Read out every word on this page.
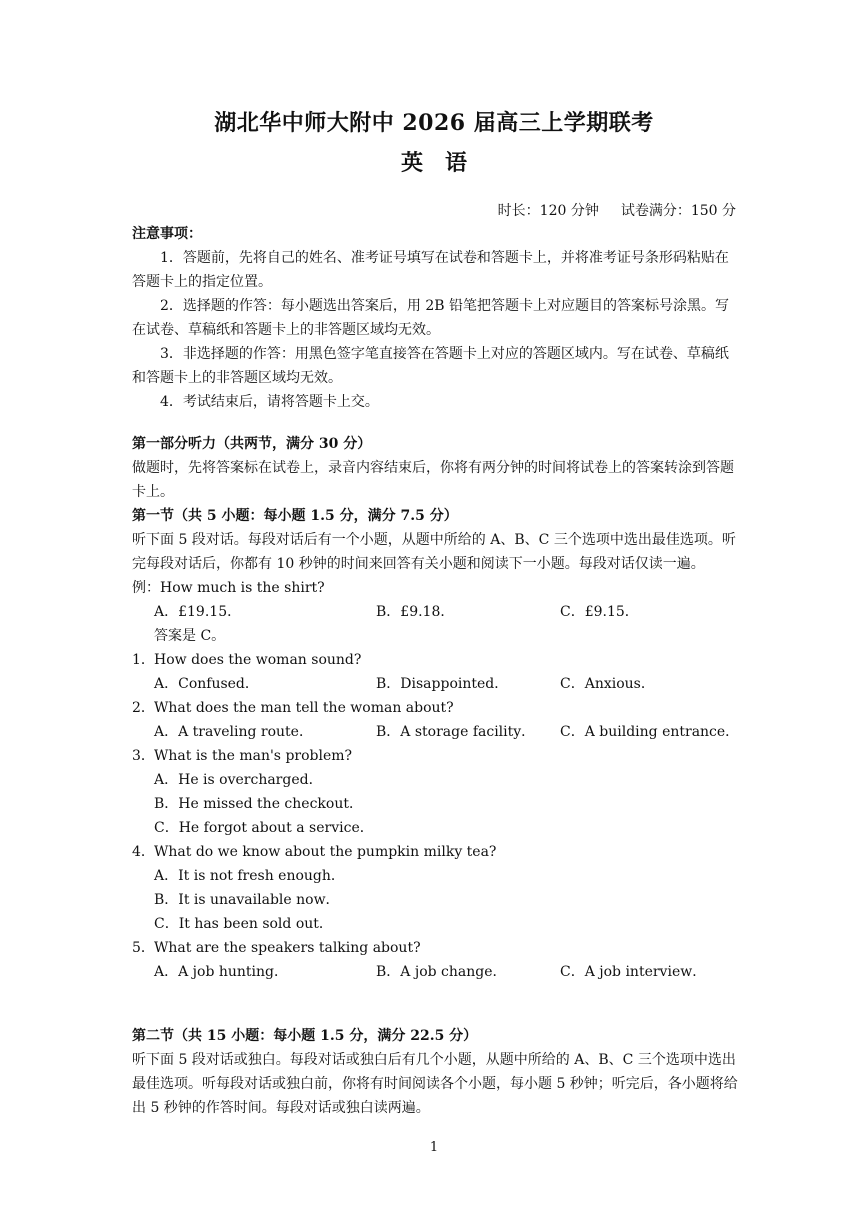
湖北华中师大附中 2026 届高三上学期联考
英语
时长：120 分钟 试卷满分：150 分
注意事项：

1．答题前，先将自己的姓名、准考证号填写在试卷和答题卡上，并将准考证号条形码粘贴在答题卡上的指定位置。

2．选择题的作答：每小题选出答案后，用 2B 铅笔把答题卡上对应题目的答案标号涂黑。写在试卷、草稿纸和答题卡上的非答题区域均无效。

3．非选择题的作答：用黑色签字笔直接答在答题卡上对应的答题区域内。写在试卷、草稿纸和答题卡上的非答题区域均无效。

4．考试结束后，请将答题卡上交。

第一部分听力（共两节，满分 30 分）

做题时，先将答案标在试卷上，录音内容结束后，你将有两分钟的时间将试卷上的答案转涂到答题卡上。

第一节（共 5 小题：每小题 1.5 分，满分 7.5 分）

听下面 5 段对话。每段对话后有一个小题，从题中所给的 A、B、C 三个选项中选出最佳选项。听完每段对话后，你都有 10 秒钟的时间来回答有关小题和阅读下一小题。每段对话仅读一遍。

例：How much is the shirt?
A．£19.15．	B．£9.18．	C．£9.15．
答案是 C。
1．How does the woman sound?
A．Confused．	B．Disappointed．	C．Anxious．
2．What does the man tell the woman about?
A．A traveling route．	B．A storage facility． C．A building entrance．
3．What is the man's problem?
A．He is overcharged．
B．He missed the checkout．
C．He forgot about a service．
4．What do we know about the pumpkin milky tea?
A．It is not fresh enough．
B．It is unavailable now．
C．It has been sold out．
5．What are the speakers talking about?
A．A job hunting．	B．A job change．	C．A job interview．
第二节（共 15 小题：每小题 1.5 分，满分 22.5 分）

听下面 5 段对话或独白。每段对话或独白后有几个小题，从题中所给的 A、B、C 三个选项中选出最佳选项。听每段对话或独白前，你将有时间阅读各个小题，每小题 5 秒钟；听完后，各小题将给出 5 秒钟的作答时间。每段对话或独白读两遍。

1
